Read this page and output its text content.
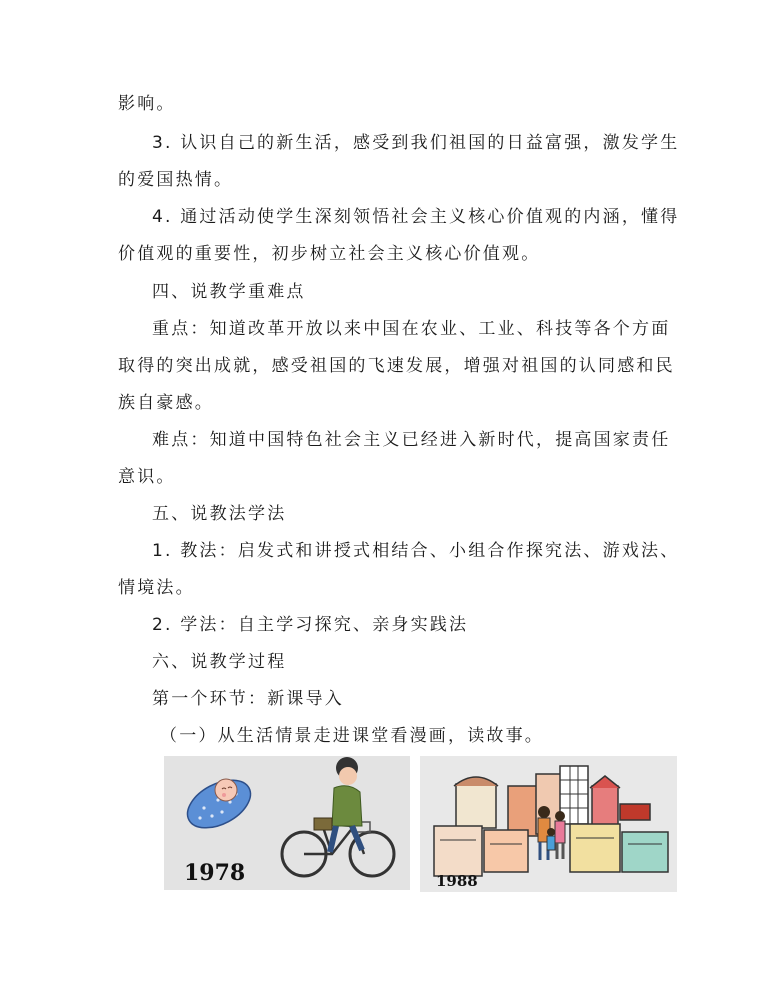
影响。
3. 认识自己的新生活，感受到我们祖国的日益富强，激发学生
的爱国热情。
4. 通过活动使学生深刻领悟社会主义核心价值观的内涵，懂得
价值观的重要性，初步树立社会主义核心价值观。
四、说教学重难点
重点：知道改革开放以来中国在农业、工业、科技等各个方面
取得的突出成就，感受祖国的飞速发展，增强对祖国的认同感和民
族自豪感。
难点：知道中国特色社会主义已经进入新时代，提高国家责任
意识。
五、说教法学法
1. 教法：启发式和讲授式相结合、小组合作探究法、游戏法、
情境法。
2. 学法：自主学习探究、亲身实践法
六、说教学过程
第一个环节：新课导入
（一）从生活情景走进课堂看漫画，读故事。
1978	1988
